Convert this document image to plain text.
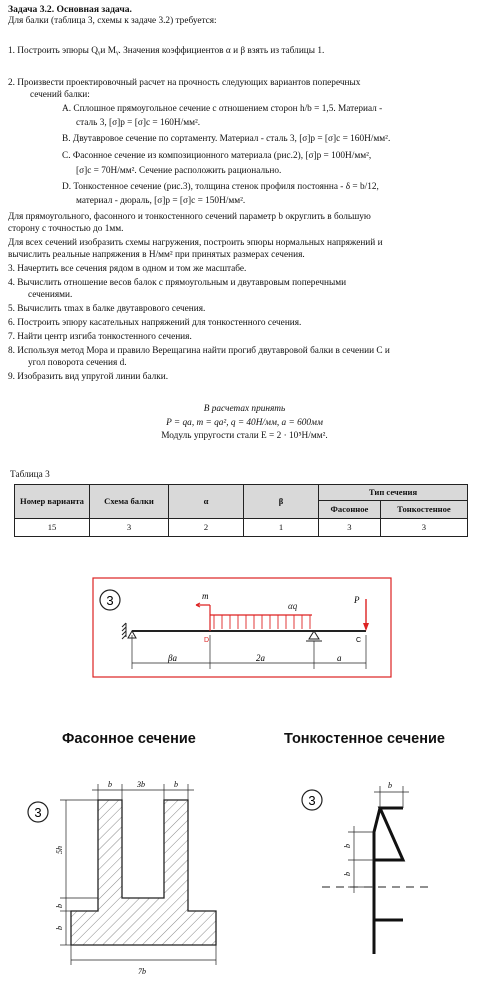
Задача 3.2. Основная задача.
Для балки (таблица 3, схемы к задаче 3.2) требуется:
1. Построить эпюры Qᵧи Mᵧ. Значения коэффициентов α и β взять из таблицы 1.
2. Произвести проектировочный расчет на прочность следующих вариантов поперечных
сечений балки:
A. Сплошное прямоугольное сечение с отношением сторон h/b = 1,5. Материал -
сталь 3, [σ]p = [σ]c = 160Н/мм².
B. Двутавровое сечение по сортаменту. Материал - сталь 3, [σ]p = [σ]c = 160Н/мм².
C. Фасонное сечение из композиционного материала (рис.2), [σ]p = 100Н/мм²,
[σ]c = 70Н/мм². Сечение расположить рационально.
D. Тонкостенное сечение (рис.3), толщина стенок профиля постоянна - δ = b/12,
материал - дюраль, [σ]p = [σ]c = 150Н/мм².
Для прямоугольного, фасонного и тонкостенного сечений параметр b округлить в большую
сторону с точностью до 1мм.
Для всех сечений изобразить схемы нагружения, построить эпюры нормальных напряжений и
вычислить реальные напряжения в Н/мм² при принятых размерах сечения.
3. Начертить все сечения рядом в одном и том же масштабе.
4. Вычислить отношение весов балок с прямоугольным и двутавровым поперечными
сечениями.
5. Вычислить τmax в балке двутаврового сечения.
6. Построить эпюру касательных напряжений для тонкостенного сечения.
7. Найти центр изгиба тонкостенного сечения.
8. Используя метод Мора и правило Верещагина найти прогиб двутавровой балки в сечении C и
угол поворота сечения d.
9. Изобразить вид упругой линии балки.
В расчетах принять
P = qa, m = qa², q = 40Н/мм, a = 600мм
Модуль упругости стали E = 2 · 10⁵Н/мм².
Таблица 3
Номер варианта	Схема балки	α	β	Тип сечения	
				Фасонное	Тонкостенное
15	3	2	1	3	3
3	αq
m
D
P
C
βa	2a	a
Фасонное сечение	Тонкостенное сечение
3
b	3b	b
5h
b
b
7b
3
b
b
b
